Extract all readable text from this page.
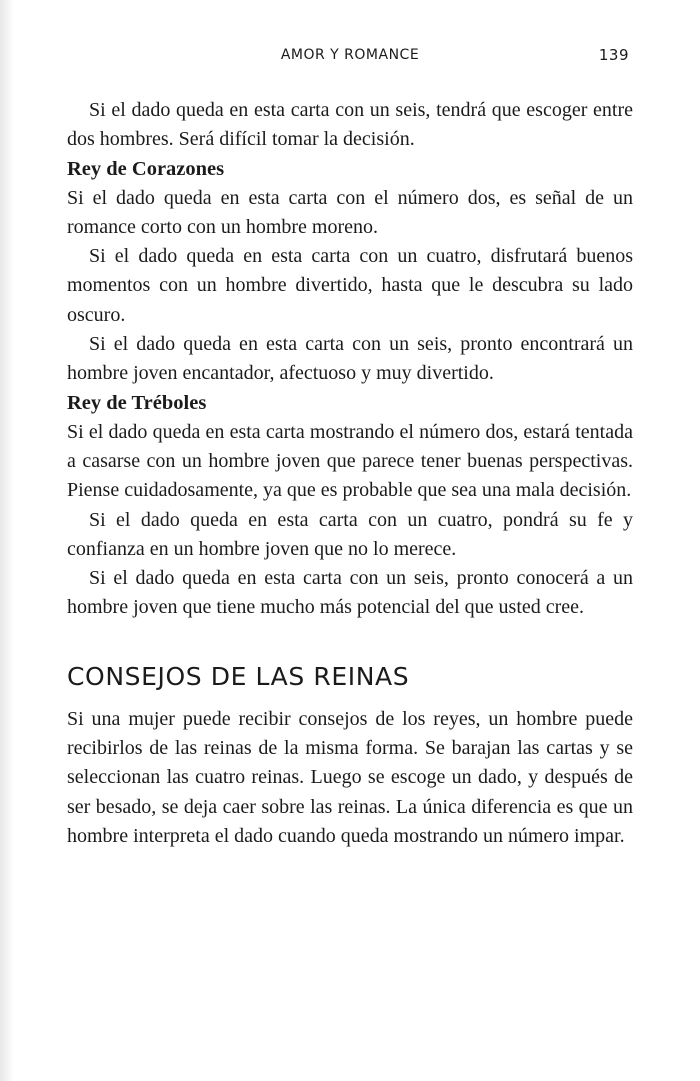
AMOR Y ROMANCE	139

Si el dado queda en esta carta con un seis, tendrá que escoger entre dos hombres. Será difícil tomar la decisión.

Rey de Corazones

Si el dado queda en esta carta con el número dos, es señal de un romance corto con un hombre moreno.

Si el dado queda en esta carta con un cuatro, disfrutará buenos momentos con un hombre divertido, hasta que le descubra su lado oscuro.

Si el dado queda en esta carta con un seis, pronto encontrará un hombre joven encantador, afectuoso y muy divertido.

Rey de Tréboles

Si el dado queda en esta carta mostrando el número dos, estará tentada a casarse con un hombre joven que parece tener buenas perspectivas. Piense cuidadosamente, ya que es probable que sea una mala decisión.

Si el dado queda en esta carta con un cuatro, pondrá su fe y confianza en un hombre joven que no lo merece.

Si el dado queda en esta carta con un seis, pronto conocerá a un hombre joven que tiene mucho más potencial del que usted cree.

CONSEJOS DE LAS REINAS

Si una mujer puede recibir consejos de los reyes, un hombre puede recibirlos de las reinas de la misma forma. Se barajan las cartas y se seleccionan las cuatro reinas. Luego se escoge un dado, y después de ser besado, se deja caer sobre las reinas. La única diferencia es que un hombre interpreta el dado cuando queda mostrando un número impar.
